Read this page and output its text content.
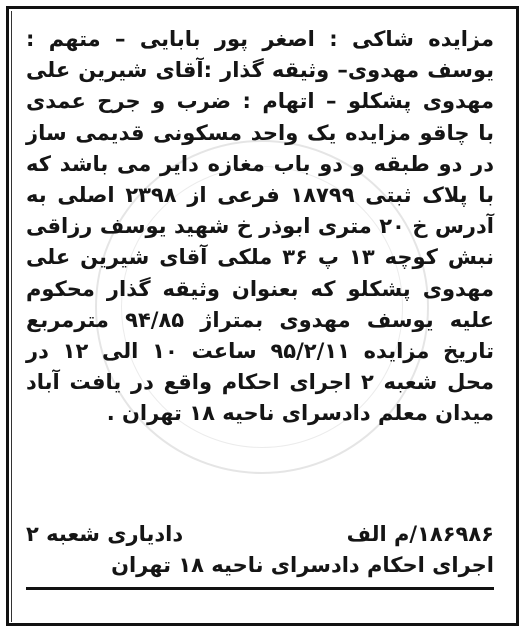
مزایده شاکی : اصغر پور بابایی – متهم :
یوسف مهدوی– وثیقه گذار :آقای شیرین علی
مهدوی پشکلو – اتهام : ضرب و جرح عمدی
با چاقو مزایده یک واحد مسکونی قدیمی ساز
در دو طبقه و دو باب مغازه دایر می باشد که
با پلاک ثبتی ۱۸۷۹۹ فرعی از ۲۳۹۸ اصلی به
آدرس خ ۲۰ متری ابوذر خ شهید یوسف رزاقی
نبش کوچه ۱۳ پ ۳۶ ملکی آقای شیرین علی
مهدوی پشکلو که بعنوان وثیقه گذار محکوم
علیه یوسف مهدوی بمتراژ ۹۴/۸۵ مترمربع
تاریخ مزایده ۹۵/۲/۱۱ ساعت ۱۰ الی ۱۲ در
محل شعبه ۲ اجرای احکام واقع در یافت آباد
میدان معلم دادسرای ناحیه ۱۸ تهران .
۱۸۶۹۸۶/م الف
دادیاری شعبه ۲
اجرای احکام دادسرای ناحیه ۱۸ تهران
